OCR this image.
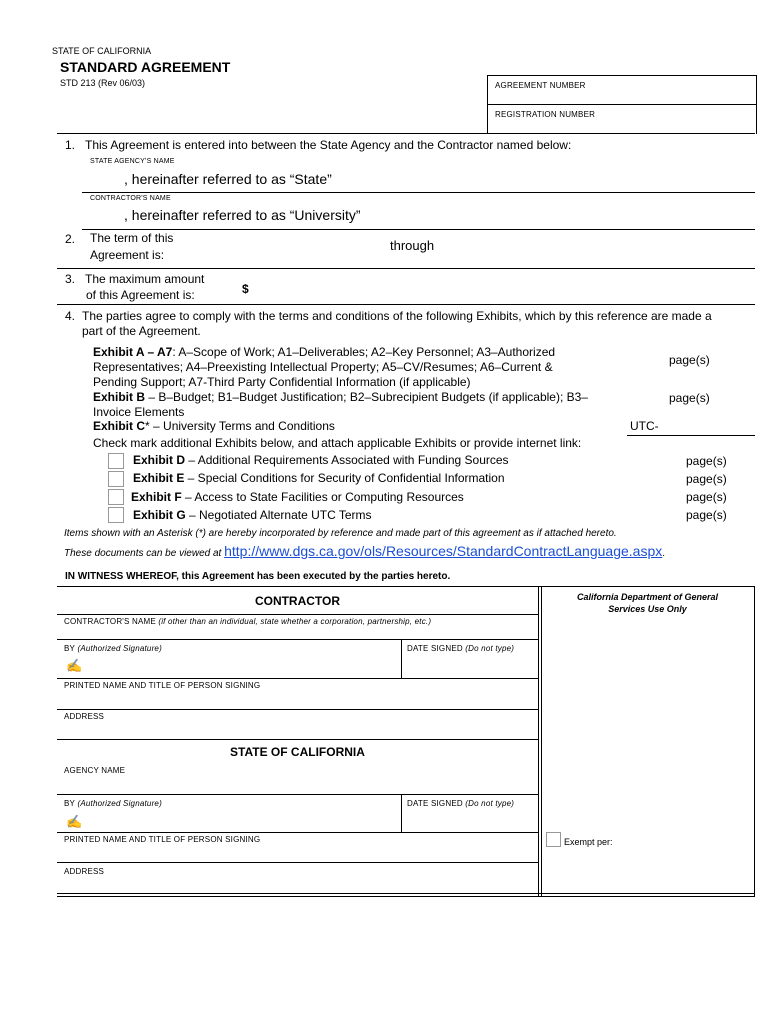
STATE OF CALIFORNIA
STANDARD AGREEMENT
STD 213 (Rev 06/03)	AGREEMENT NUMBER
REGISTRATION NUMBER
1. This Agreement is entered into between the State Agency and the Contractor named below:
STATE AGENCY'S NAME
, hereinafter referred to as “State”
CONTRACTOR'S NAME
, hereinafter referred to as “University”
2. The term of this
Agreement is:
through
3. The maximum amount
of this Agreement is:	$
4. The parties agree to comply with the terms and conditions of the following Exhibits, which by this reference are made a
part of the Agreement.
Exhibit A – A7: A–Scope of Work; A1–Deliverables; A2–Key Personnel; A3–Authorized
Representatives; A4–Preexisting Intellectual Property; A5–CV/Resumes; A6–Current &
Pending Support; A7-Third Party Confidential Information (if applicable)
page(s)
Exhibit B – B–Budget; B1–Budget Justification; B2–Subrecipient Budgets (if applicable); B3–
Invoice Elements
page(s)
Exhibit C* – University Terms and Conditions	UTC-
Check mark additional Exhibits below, and attach applicable Exhibits or provide internet link:
Exhibit D – Additional Requirements Associated with Funding Sources	page(s)
Exhibit E – Special Conditions for Security of Confidential Information	page(s)
Exhibit F – Access to State Facilities or Computing Resources	page(s)
Exhibit G – Negotiated Alternate UTC Terms	page(s)
Items shown with an Asterisk (*) are hereby incorporated by reference and made part of this agreement as if attached hereto.
These documents can be viewed at http://www.dgs.ca.gov/ols/Resources/StandardContractLanguage.aspx.
IN WITNESS WHEREOF, this Agreement has been executed by the parties hereto.
CONTRACTOR
CONTRACTOR'S NAME (if other than an individual, state whether a corporation, partnership, etc.)
BY (Authorized Signature)
✍
DATE SIGNED (Do not type)
PRINTED NAME AND TITLE OF PERSON SIGNING
ADDRESS
STATE OF CALIFORNIA
AGENCY NAME
BY (Authorized Signature)
✍
DATE SIGNED (Do not type)
PRINTED NAME AND TITLE OF PERSON SIGNING
ADDRESS
California Department of General
Services Use Only
Exempt per:
